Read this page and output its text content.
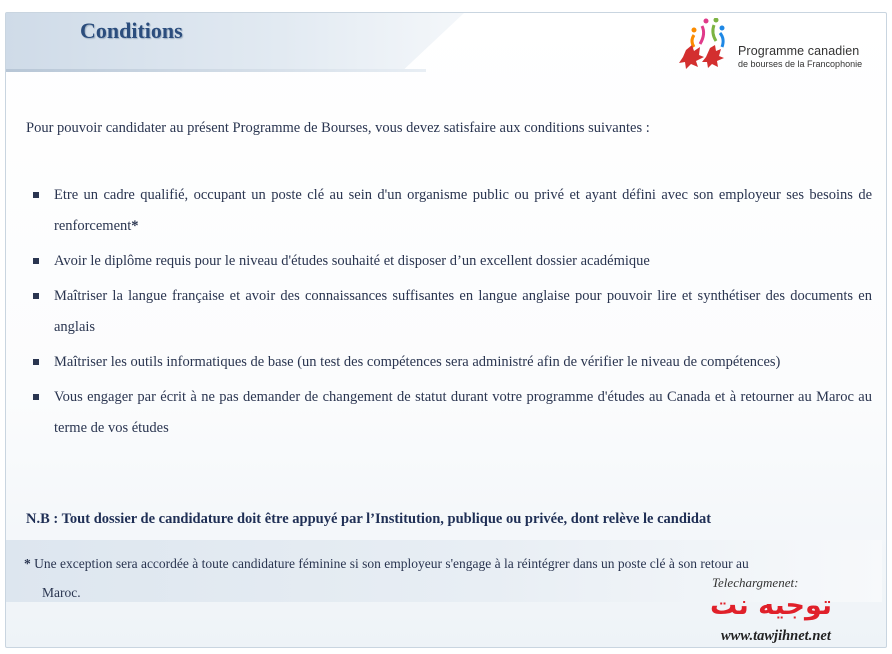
Conditions
Programme canadien
de bourses de la Francophonie
Pour pouvoir candidater au présent Programme de Bourses, vous devez satisfaire aux conditions suivantes :
Etre un cadre qualifié, occupant un poste clé au sein d'un organisme public ou privé et ayant défini avec son employeur ses besoins de renforcement*
Avoir le diplôme requis pour le niveau d'études souhaité et disposer d’un excellent dossier académique
Maîtriser la langue française et avoir des connaissances suffisantes en langue anglaise pour pouvoir lire et synthétiser des documents en anglais
Maîtriser les outils informatiques de base (un test des compétences sera administré afin de vérifier le niveau de compétences)
Vous engager par écrit à ne pas demander de changement de statut durant votre programme d'études au Canada et à retourner au Maroc au terme de vos études
N.B : Tout dossier de candidature doit être appuyé par l’Institution, publique ou privée, dont relève le candidat
* Une exception sera accordée à toute candidature féminine si son employeur s'engage à la réintégrer dans un poste clé à son retour au
Maroc.
Telechargmenet:
توجيه نت
www.tawjihnet.net
